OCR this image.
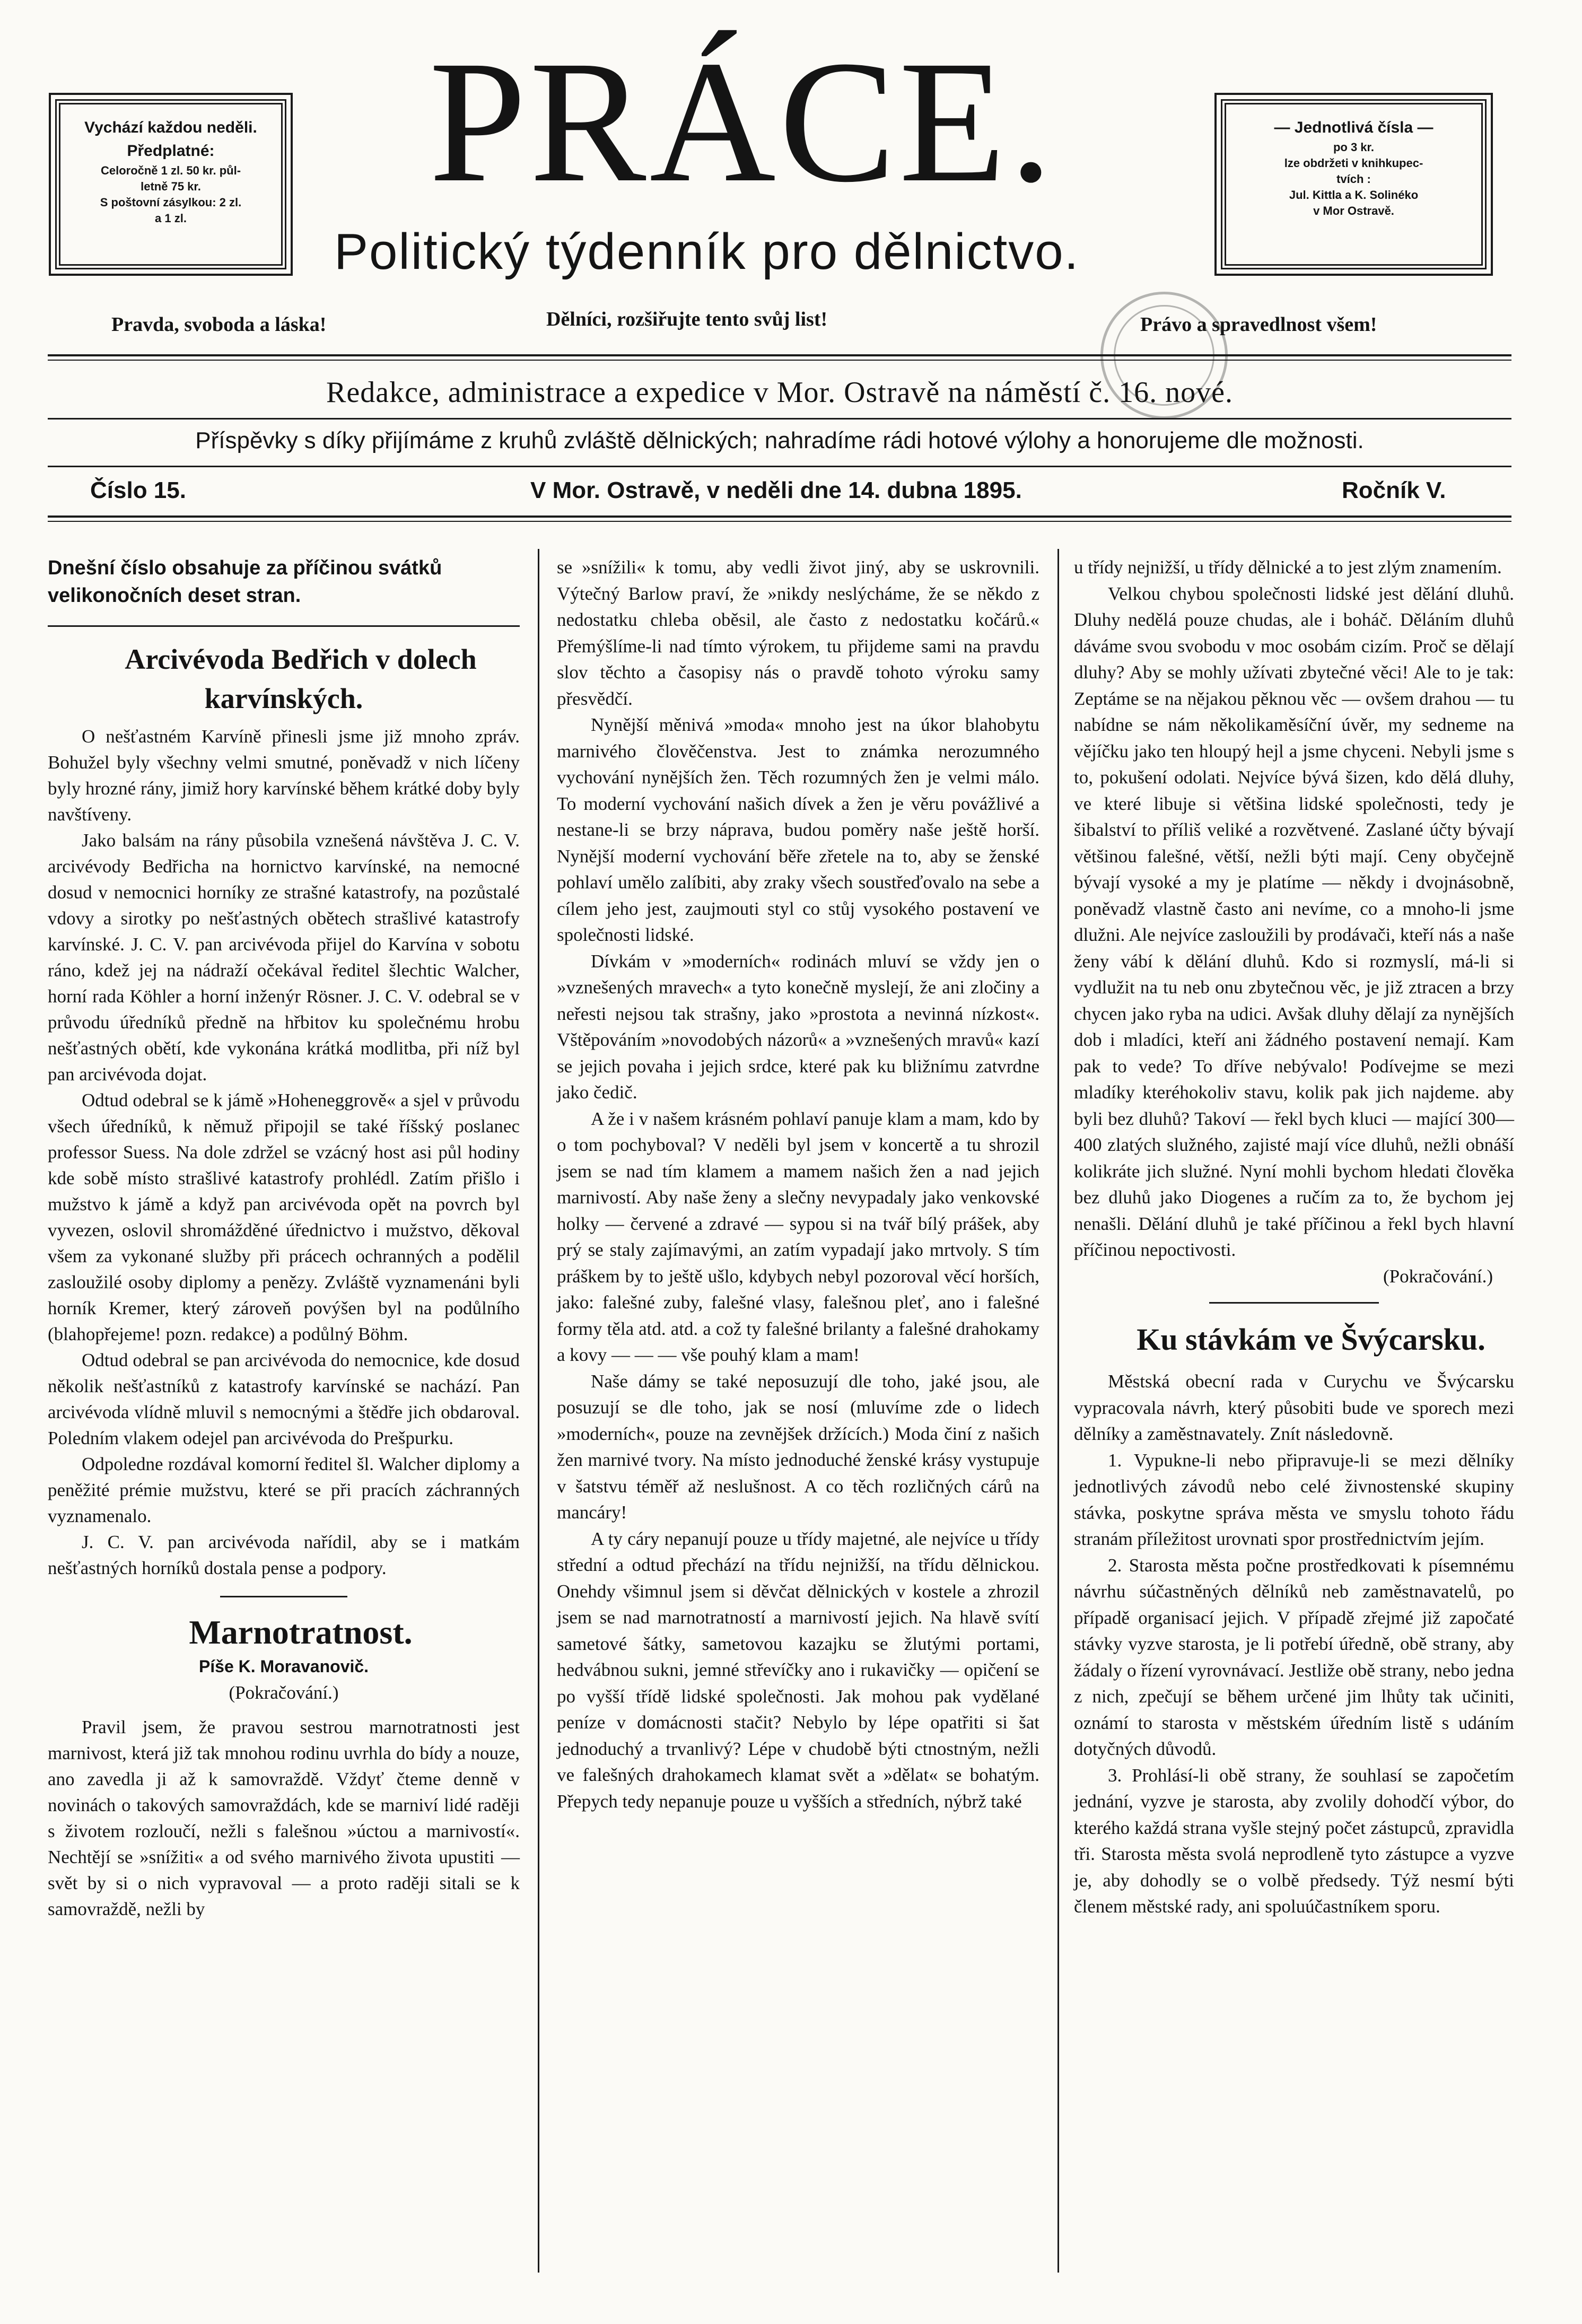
Vychází každou neděli.
Předplatné:
Celoročně 1 zl. 50 kr. půl-
letně 75 kr.
S poštovní zásylkou: 2 zl.
a 1 zl.
— Jednotlivá čísla —
po 3 kr.
lze obdržeti v knihkupec-
tvích :
Jul. Kittla a K. Solinéko
v Mor Ostravě.
PRÁCE.
Politický týdenník pro dělnictvo.
Pravda, svoboda a láska!	Dělníci, rozšiřujte tento svůj list!	Právo a spravedlnost všem!
Redakce, administrace a expedice v Mor. Ostravě na náměstí č. 16. nové.
Příspěvky s díky přijímáme z kruhů zvláště dělnických; nahradíme rádi hotové výlohy a honorujeme dle možnosti.
Číslo 15.	V Mor. Ostravě, v neděli dne 14. dubna 1895.	Ročník V.

Dnešní číslo obsahuje za příčinou svátků velikonočních deset stran.

Arcivévoda Bedřich v dolech karvínských.

O nešťastném Karvíně přinesli jsme již mnoho zpráv. Bohužel byly všechny velmi smutné, poněvadž v nich líčeny byly hrozné rány, jimiž hory karvínské během krátké doby byly navštíveny.

Jako balsám na rány působila vznešená návštěva J. C. V. arcivévody Bedřicha na hornictvo karvínské, na nemocné dosud v nemocnici horníky ze strašné katastrofy, na pozůstalé vdovy a sirotky po nešťastných obětech strašlivé katastrofy karvínské. J. C. V. pan arcivévoda přijel do Karvína v sobotu ráno, kdež jej na nádraží očekával ředitel šlechtic Walcher, horní rada Köhler a horní inženýr Rösner. J. C. V. odebral se v průvodu úředníků předně na hřbitov ku společnému hrobu nešťastných obětí, kde vykonána krátká modlitba, při níž byl pan arcivévoda dojat.

Odtud odebral se k jámě »Hoheneggrově« a sjel v průvodu všech úředníků, k němuž připojil se také říšský poslanec professor Suess. Na dole zdržel se vzácný host asi půl hodiny kde sobě místo strašlivé katastrofy prohlédl. Zatím přišlo i mužstvo k jámě a když pan arcivévoda opět na povrch byl vyvezen, oslovil shromážděné úřednictvo i mužstvo, děkoval všem za vykonané služby při prácech ochranných a podělil zasloužilé osoby diplomy a penězy. Zvláště vyznamenáni byli horník Kremer, který zároveň povýšen byl na podůlního (blahopřejeme! pozn. redakce) a podůlný Böhm.

Odtud odebral se pan arcivévoda do nemocnice, kde dosud několik nešťastníků z katastrofy karvínské se nachází. Pan arcivévoda vlídně mluvil s nemocnými a štědře jich obdaroval. Poledním vlakem odejel pan arcivévoda do Prešpurku.

Odpoledne rozdával komorní ředitel šl. Walcher diplomy a peněžité prémie mužstvu, které se při pracích záchranných vyznamenalo.

J. C. V. pan arcivévoda nařídil, aby se i matkám nešťastných horníků dostala pense a podpory.

Marnotratnost.

Píše K. Moravanovič.

(Pokračování.)

Pravil jsem, že pravou sestrou marnotratnosti jest marnivost, která již tak mnohou rodinu uvrhla do bídy a nouze, ano zavedla ji až k samovraždě. Vždyť čteme denně v novinách o takových samovraždách, kde se marniví lidé raději s životem rozloučí, nežli s falešnou »úctou a marnivostí«. Nechtějí se »snížiti« a od svého marnivého života upustiti — svět by si o nich vypravoval — a proto raději sitali se k samovraždě, nežli by

se »snížili« k tomu, aby vedli život jiný, aby se uskrovnili. Výtečný Barlow praví, že »nikdy neslýcháme, že se někdo z nedostatku chleba oběsil, ale často z nedostatku kočárů.« Přemýšlíme-li nad tímto výrokem, tu přijdeme sami na pravdu slov těchto a časopisy nás o pravdě tohoto výroku samy přesvědčí.

Nynější měnivá »moda« mnoho jest na úkor blahobytu marnivého člověčenstva. Jest to známka nerozumného vychování nynějších žen. Těch rozumných žen je velmi málo. To moderní vychování našich dívek a žen je věru povážlivé a nestane-li se brzy náprava, budou poměry naše ještě horší. Nynější moderní vychování běře zřetele na to, aby se ženské pohlaví umělo zalíbiti, aby zraky všech soustřeďovalo na sebe a cílem jeho jest, zaujmouti styl co stůj vysokého postavení ve společnosti lidské.

Dívkám v »moderních« rodinách mluví se vždy jen o »vznešených mravech« a tyto konečně myslejí, že ani zločiny a neřesti nejsou tak strašny, jako »prostota a nevinná nízkost«. Vštěpováním »novodobých názorů« a »vznešených mravů« kazí se jejich povaha i jejich srdce, které pak ku bližnímu zatvrdne jako čedič.

A že i v našem krásném pohlaví panuje klam a mam, kdo by o tom pochyboval? V neděli byl jsem v koncertě a tu shrozil jsem se nad tím klamem a mamem našich žen a nad jejich marnivostí. Aby naše ženy a slečny nevypadaly jako venkovské holky — červené a zdravé — sypou si na tvář bílý prášek, aby prý se staly zajímavými, an zatím vypadají jako mrtvoly. S tím práškem by to ještě ušlo, kdybych nebyl pozoroval věcí horších, jako: falešné zuby, falešné vlasy, falešnou pleť, ano i falešné formy těla atd. atd. a což ty falešné brilanty a falešné drahokamy a kovy — — — vše pouhý klam a mam!

Naše dámy se také neposuzují dle toho, jaké jsou, ale posuzují se dle toho, jak se nosí (mluvíme zde o lidech »moderních«, pouze na zevnějšek držících.) Moda činí z našich žen marnivé tvory. Na místo jednoduché ženské krásy vystupuje v šatstvu téměř až neslušnost. A co těch rozličných cárů na mancáry!

A ty cáry nepanují pouze u třídy majetné, ale nejvíce u třídy střední a odtud přechází na třídu nejnižší, na třídu dělnickou. Onehdy všimnul jsem si děvčat dělnických v kostele a zhrozil jsem se nad marnotratností a marnivostí jejich. Na hlavě svítí sametové šátky, sametovou kazajku se žlutými portami, hedvábnou sukni, jemné střevíčky ano i rukavičky — opičení se po vyšší třídě lidské společnosti. Jak mohou pak vydělané peníze v domácnosti stačit? Nebylo by lépe opatřiti si šat jednoduchý a trvanlivý? Lépe v chudobě býti ctnostným, nežli ve falešných drahokamech klamat svět a »dělat« se bohatým. Přepych tedy nepanuje pouze u vyšších a středních, nýbrž také

u třídy nejnižší, u třídy dělnické a to jest zlým znamením.

Velkou chybou společnosti lidské jest dělání dluhů. Dluhy nedělá pouze chudas, ale i boháč. Děláním dluhů dáváme svou svobodu v moc osobám cizím. Proč se dělají dluhy? Aby se mohly užívati zbytečné věci! Ale to je tak: Zeptáme se na nějakou pěknou věc — ovšem drahou — tu nabídne se nám několikaměsíční úvěr, my sedneme na vějíčku jako ten hloupý hejl a jsme chyceni. Nebyli jsme s to, pokušení odolati. Nejvíce bývá šizen, kdo dělá dluhy, ve které libuje si většina lidské společnosti, tedy je šibalství to příliš veliké a rozvětvené. Zaslané účty bývají většinou falešné, větší, nežli býti mají. Ceny obyčejně bývají vysoké a my je platíme — někdy i dvojnásobně, poněvadž vlastně často ani nevíme, co a mnoho-li jsme dlužni. Ale nejvíce zasloužili by prodávači, kteří nás a naše ženy vábí k dělání dluhů. Kdo si rozmyslí, má-li si vydlužit na tu neb onu zbytečnou věc, je již ztracen a brzy chycen jako ryba na udici. Avšak dluhy dělají za nynějších dob i mladíci, kteří ani žádného postavení nemají. Kam pak to vede? To dříve nebývalo! Podívejme se mezi mladíky kteréhokoliv stavu, kolik pak jich najdeme. aby byli bez dluhů? Takoví — řekl bych kluci — mající 300—400 zlatých služného, zajisté mají více dluhů, nežli obnáší kolikráte jich služné. Nyní mohli bychom hledati člověka bez dluhů jako Diogenes a ručím za to, že bychom jej nenašli. Dělání dluhů je také příčinou a řekl bych hlavní příčinou nepoctivosti.

(Pokračování.)

Ku stávkám ve Švýcarsku.

Městská obecní rada v Curychu ve Švýcarsku vypracovala návrh, který působiti bude ve sporech mezi dělníky a zaměstnavately. Znít následovně.

1. Vypukne-li nebo připravuje-li se mezi dělníky jednotlivých závodů nebo celé živnostenské skupiny stávka, poskytne správa města ve smyslu tohoto řádu stranám příležitost urovnati spor prostřednictvím jejím.

2. Starosta města počne prostředkovati k písemnému návrhu súčastněných dělníků neb zaměstnavatelů, po případě organisací jejich. V případě zřejmé již započaté stávky vyzve starosta, je li potřebí úředně, obě strany, aby žádaly o řízení vyrovnávací. Jestliže obě strany, nebo jedna z nich, zpečují se během určené jim lhůty tak učiniti, oznámí to starosta v městském úředním listě s udáním dotyčných důvodů.

3. Prohlásí-li obě strany, že souhlasí se započetím jednání, vyzve je starosta, aby zvolily dohodčí výbor, do kterého každá strana vyšle stejný počet zástupců, zpravidla tři. Starosta města svolá neprodleně tyto zástupce a vyzve je, aby dohodly se o volbě předsedy. Týž nesmí býti členem městské rady, ani spoluúčastníkem sporu.
